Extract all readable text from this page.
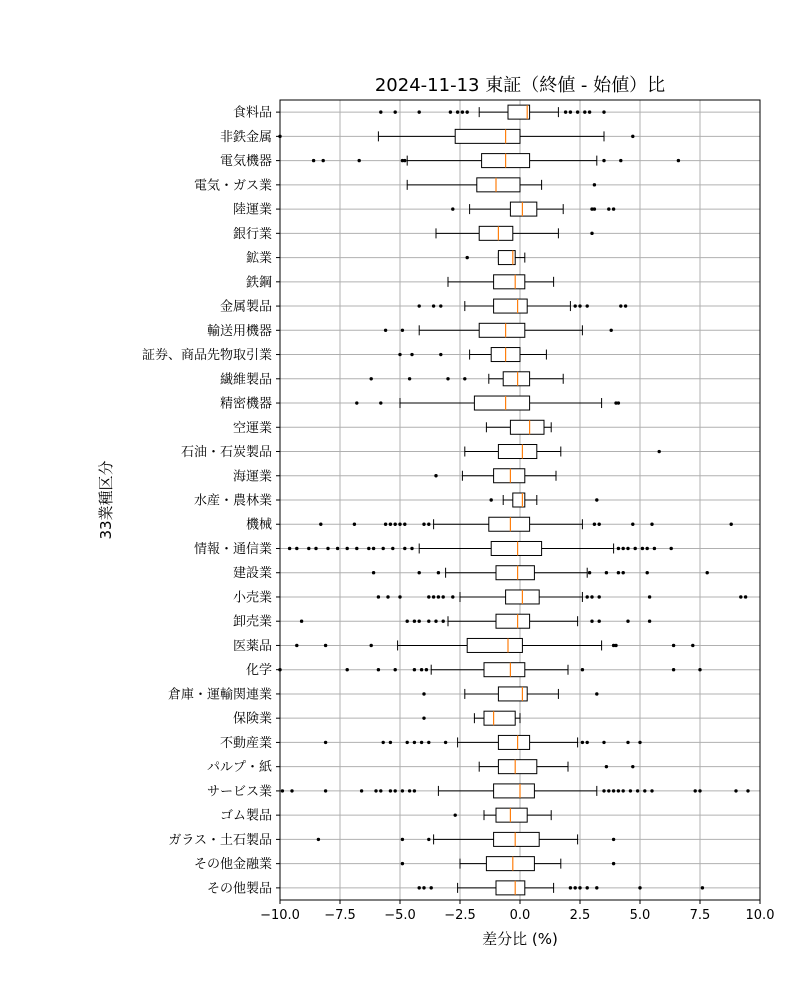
2024-11-13 東証（終値 - 始値）比
差分比 (%)
33業種区分
−10.0 −7.5 −5.0 −2.5	0.0	2.5	5.0	7.5	10.0
食料品
非鉄金属
電気機器
電気・ガス業
陸運業
銀行業
鉱業
鉄鋼
金属製品
輸送用機器
証券、商品先物取引業
繊維製品
精密機器
空運業
石油・石炭製品
海運業
水産・農林業
機械
情報・通信業
建設業
小売業
卸売業
医薬品
化学
倉庫・運輸関連業
保険業
不動産業
パルプ・紙
サービス業
ゴム製品
ガラス・土石製品
その他金融業
その他製品
